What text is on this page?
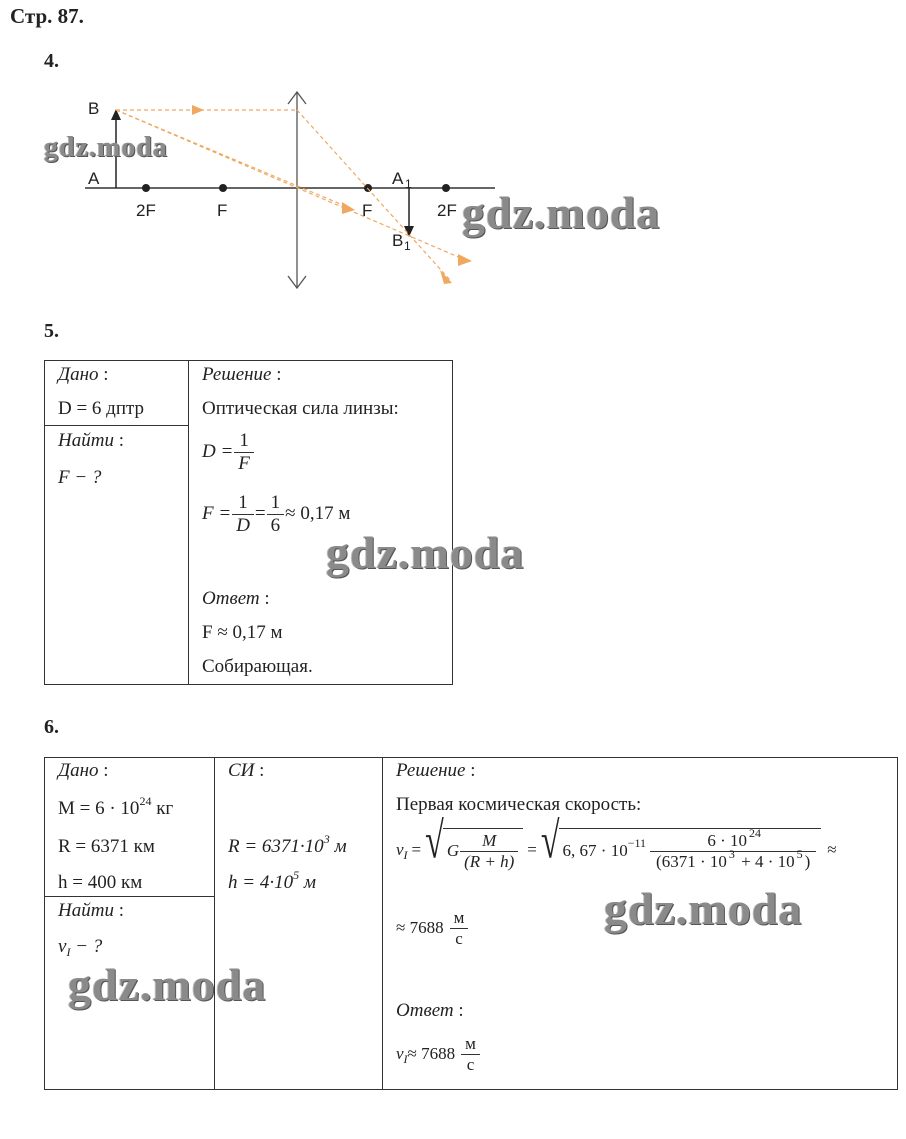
Стр. 87.
4.
B
A
2F	F	F	2F
A 1
B 1
gdz.moda
gdz.moda
5.
Дано :
D = 6 дптр
Найти :
F − ?
Решение :
Оптическая сила линзы:
$D = \frac{1}{F}$
$F = \frac{1}{D} = \frac{1}{6} \approx 0,17$ м
Ответ :
F ≈ 0,17 м
Собирающая.
gdz.moda
6.
Дано :
$M = 6 \cdot 10^{24}$ кг
R = 6371 км
h = 400 км
Найти :
$v_I$ − ?
СИ :
$R = 6371\cdot 10^3$ м
$h = 4\cdot 10^5$ м
Решение :
Первая космическая скорость:
$v_I$ = √ G $\frac{M}{(R + h)}$ = √ 6, $67 \cdot 10^{-11} \frac{6 \cdot 10 ^{24}}{(6371 \cdot 10 ^3 + 4 \cdot 10 ^5 )}$ ≈
≈ $7688 \frac{м}{с}$
Ответ :
$v_I \approx 7688 \frac{м}{с}$
gdz.moda
gdz.moda
